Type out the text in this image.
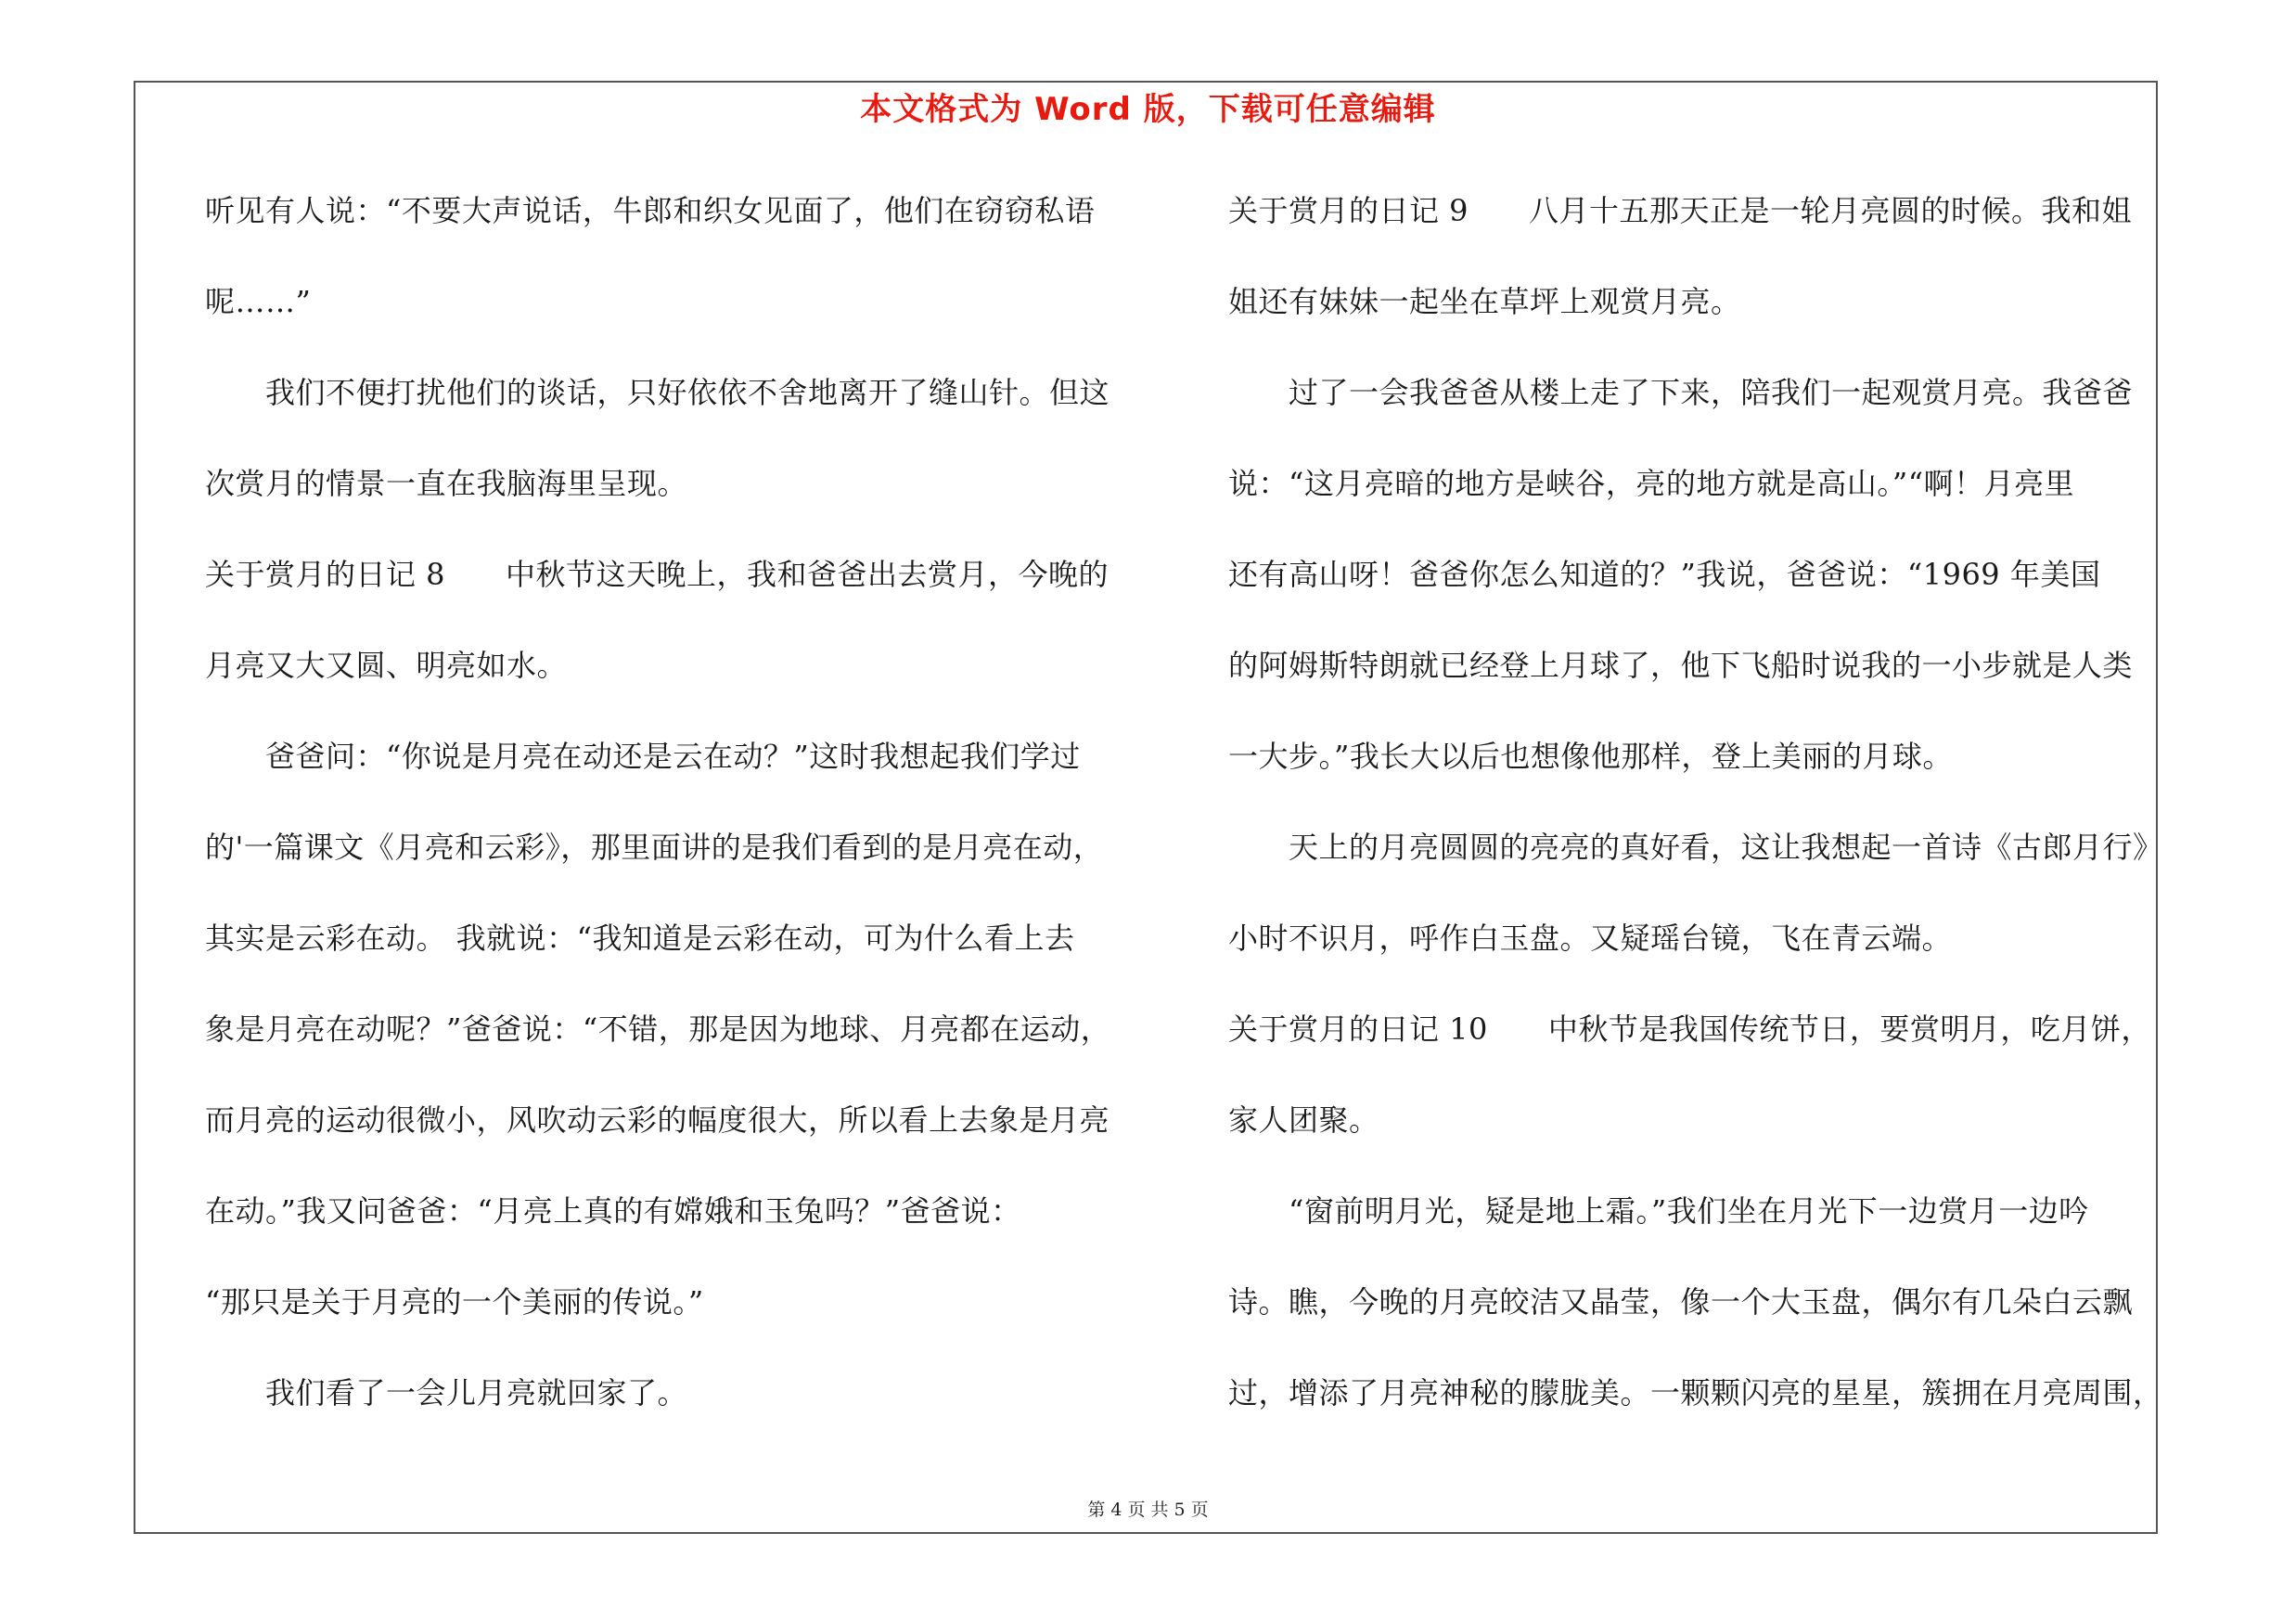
本文格式为 Word 版，下载可任意编辑
听见有人说：“不要大声说话，牛郎和织女见面了，他们在窃窃私语
呢……”
　　我们不便打扰他们的谈话，只好依依不舍地离开了缝山针。但这
次赏月的情景一直在我脑海里呈现。
关于赏月的日记 8　　中秋节这天晚上，我和爸爸出去赏月，今晚的
月亮又大又圆、明亮如水。
　　爸爸问：“你说是月亮在动还是云在动？”这时我想起我们学过
的'一篇课文《月亮和云彩》，那里面讲的是我们看到的是月亮在动，
其实是云彩在动。 我就说：“我知道是云彩在动，可为什么看上去
象是月亮在动呢？”爸爸说：“不错，那是因为地球、月亮都在运动，
而月亮的运动很微小，风吹动云彩的幅度很大，所以看上去象是月亮
在动。”我又问爸爸：“月亮上真的有嫦娥和玉兔吗？”爸爸说：
“那只是关于月亮的一个美丽的传说。”
　　我们看了一会儿月亮就回家了。
关于赏月的日记 9　　八月十五那天正是一轮月亮圆的时候。我和姐
姐还有妹妹一起坐在草坪上观赏月亮。
　　过了一会我爸爸从楼上走了下来，陪我们一起观赏月亮。我爸爸
说：“这月亮暗的地方是峡谷，亮的地方就是高山。”“啊！月亮里
还有高山呀！爸爸你怎么知道的？”我说，爸爸说：“1969 年美国
的阿姆斯特朗就已经登上月球了，他下飞船时说我的一小步就是人类
一大步。”我长大以后也想像他那样，登上美丽的月球。
　　天上的月亮圆圆的亮亮的真好看，这让我想起一首诗《古郎月行》
小时不识月，呼作白玉盘。又疑瑶台镜，飞在青云端。
关于赏月的日记 10　　中秋节是我国传统节日，要赏明月，吃月饼，
家人团聚。
　　“窗前明月光，疑是地上霜。”我们坐在月光下一边赏月一边吟
诗。瞧，今晚的月亮皎洁又晶莹，像一个大玉盘，偶尔有几朵白云飘
过，增添了月亮神秘的朦胧美。一颗颗闪亮的星星，簇拥在月亮周围，
第 4 页 共 5 页
